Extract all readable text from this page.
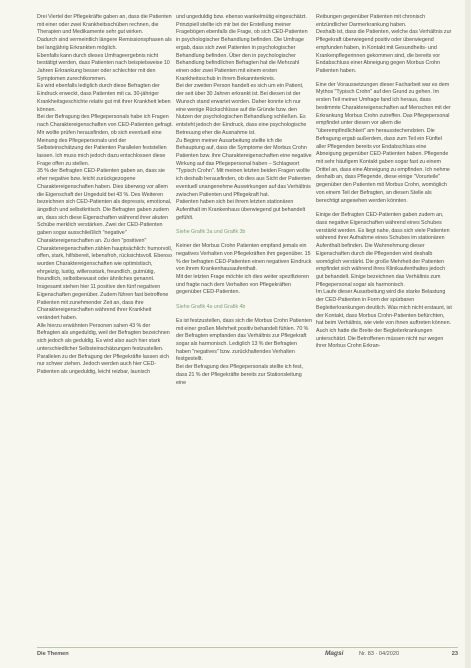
Drei Viertel der Pflegekräfte gaben an, dass die Patienten mit einer oder zwei Krankheitsschüben rechnen, die Therapien und Medikamente sehr gut wirken.

Dadurch sind vermeintlich längere Remissionsphasen als bei langjährig Erkrankten möglich.

Ebenfalls kann durch dieses Umfrageergebnis nicht bestätigt werden, dass Patienten nach beispielsweise 10 Jahren Erkrankung besser oder schlechter mit den Symptomen zurechtkommen.

Es wird ebenfalls lediglich durch diese Befragten der Eindruck erweckt, dass Patienten mit ca. 30-jähriger Krankheitsgeschichte relativ gut mit ihrer Krankheit leben können.

Bei der Befragung des Pflegepersonals habe ich Fragen nach Charaktereigenschaften von CED-Patienten gefragt. Mir wollte prüfen herausfinden, ob sich eventuell eine Meinung des Pflegepersonals und der Selbsteinschätzung der Patienten Parallelen feststellen lassen. Ich muss mich jedoch dazu entschlossen diese Frage offen zu stellen.

35 % der Befragten CED-Patienten gaben an, dass sie eher negative bzw. leicht zurückgezogene Charaktereigenschaften haben. Dies überwog vor allem die Eigenschaft der Ungeduld bei 43 %. Des Weiteren bezeichnen sich CED-Patienten als depressiv, emotional, ängstlich und selbstkritisch. Die Befragten gaben zudem an, dass sich diese Eigenschaften während ihrer akuten Schübe merklich verstärken. Zwei der CED-Patienten gaben sogar ausschließlich "negative" Charaktereigenschaften an. Zu den "positiven" Charaktereigenschaften zählen hauptsächlich: humorvoll, offen, stark, hilfsbereit, lebensfroh, rücksichtsvoll. Ebenso wurden Charaktereigenschaften wie optimistisch, ehrgeizig, lustig, willensstark, freundlich, gutmütig, freundlich, selbstbewusst oder ähnliches genannt. Insgesamt stehen hier 11 positive den fünf negativen Eigenschaften gegenüber. Zudem führen fast betroffene Patienten mit zunehmender Zeit an, dass ihre Charaktereigenschaften während ihrer Krankheit verändert haben.

Alle hierzu erwähnten Personen sahen 43 % der Befragten als ungeduldig, weil der Befragten bezeichnen sich jedoch als geduldig. Es wird also auch hier stark unterschiedlicher Selbsteinschätzungen festzustellen.

Parallelen zu der Befragung der Pflegekräfte lassen sich nur schwer ziehen. Jedoch werden auch hier CED-Patienten als ungeduldig, leicht reizbar, launisch

und ungeduldig bzw. ebenso wankelmütig eingeschätzt. Prinzipiell stellte ich mir bei der Erstellung meiner Fragebögen ebenfalls die Frage, ob sich CED-Patienten in psychologischer Behandlung befinden. Die Umfrage ergab, dass sich zwei Patienten in psychologischer Behandlung befinden. Über den in psychologischer Behandlung befindlichen Befragten hat die Mehrzahl einen oder zwei Patienten mit einem ersten Krankheitsschub in ihrem Bekanntenkreis.

Bei der zweiten Person handelt es sich um ein Patient, der seit über 30 Jahren erkrankt ist. Bei diesen ist der Wunsch stand erwartet worden. Daher konnte ich nur eine wenige Rückschlüsse auf die Gründe bzw. den Nutzen der psychologischen Behandlung schließen. Es entsteht jedoch der Eindruck, dass eine psychologische Betreuung eher die Ausnahme ist.

Zu Beginn meiner Ausarbeitung stellte ich die Behauptung auf, dass die Symptome der Morbus Crohn Patienten bzw. ihre Charaktereigenschaften eine negative Wirkung auf das Pflegepersonal haben – Schlagwort "Typisch Crohn". Mit meinen letzten beiden Fragen wollte ich deshalb herausfinden, ob dies aus Sicht der Patienten eventuell unangenehme Auswirkungen auf das Verhältnis zwischen Patienten und Pflegekraft hat.

Patienten haben sich bei ihrem letzten stationären Aufenthalt im Krankenhaus überwiegend gut behandelt gefühlt.

Siehe Grafik 3a und Grafik 3b

Keiner der Morbus Crohn Patienten empfand jemals ein negatives Verhalten von Pflegekräften ihm gegenüber. 15 % der befragten CED-Patienten einen negativen Eindruck von ihrem Krankenhausaufenthalt.

Mit der letzten Frage möchte ich dies weiter spezifizieren und fragte nach dem Verhalten von Pflegekräften gegenüber CED-Patienten.

Siehe Grafik 4a und Grafik 4b

Es ist festzustellen, dass sich die Morbus Crohn Patienten mit einer großen Mehrheit positiv behandelt fühlen. 70 % der Befragten empfanden das Verhältnis zur Pflegekraft sogar als harmonisch. Lediglich 13 % der Befragten haben "negatives" bzw. zurückhaltendes Verhalten festgestellt.

Bei der Befragung des Pflegepersonals stellte ich fest, dass 21 % der Pflegekräfte bereits zur Stationsleitung eine

Reibungen gegenüber Patienten mit chronisch entzündlicher Darmerkrankung haben.

Deshalb ist, dass die Patienten, welche das Verhältnis zur Pflegekraft überwiegend positiv oder überwiegend empfunden haben, in Kontakt mit Gesundheits- und Krankenpflegerinnen gekommen sind, die bereits vor Endabschluss einer Abneigung gegen Morbus Crohn Patienten haben.

Eine der Voraussetzungen dieser Facharbeit war es dem Mythos "Typisch Crohn" auf den Grund zu gehen. Im ersten Teil meiner Umfrage fand ich heraus, dass bestimmte Charaktereigenschaften auf Menschen mit der Erkrankung Morbus Crohn zutreffen. Das Pflegepersonal empfindet unter diesen vor allem die "überempfindlichkeit" am herausstechendsten. Die Befragung ergab außerdem, dass zum Teil ein Fünftel aller Pflegenden bereits vor Endabschluss eine Abneigung gegenüber CED-Patienten haben. Pflegende mit sehr häufigem Kontakt gaben sogar fast zu einem Drittel an, dass eine Abneigung zu empfinden. Ich nehme deshalb an, dass Pflegende, diese einige "Vorurteile" gegenüber den Patienten mit Morbus Crohn, womöglich von einem Teil der Befragten, an diesen Stelle als berechtigt angesehen werden könnten.

Einige der Befragten CED-Patienten gaben zudem an, dass negative Eigenschaften während eines Schubes verstärkt werden. Es liegt nahe, dass sich viele Patienten während ihrer Aufnahme eines Schubes im stationären Aufenthalt befinden. Die Wahrnehmung dieser Eigenschaften durch die Pflegenden wird deshalb womöglich verstärkt. Die große Mehrheit der Patienten empfindet sich während ihres Klinikaufenthaltes jedoch gut behandelt. Einige bezeichnen das Verhältnis zum Pflegepersonal sogar als harmonisch.

Im Laufe dieser Ausarbeitung wird die starke Belastung der CED-Patienten in Form der spürbaren Begleiterkrankungen deutlich. Was mich nicht erstaunt, ist der Kontakt, dass Morbus Crohn-Patienten befürchten, hat beim Verhältnis, wie viele von ihnen auftreten können. Auch ich hatte die Breite der Begleiterkrankungen unterschätzt. Die Betroffenen müssen nicht nur wegen ihrer Morbus Crohn Erkran-

Die Themen	Magsi	Nr. 83 · 04/2020	23
